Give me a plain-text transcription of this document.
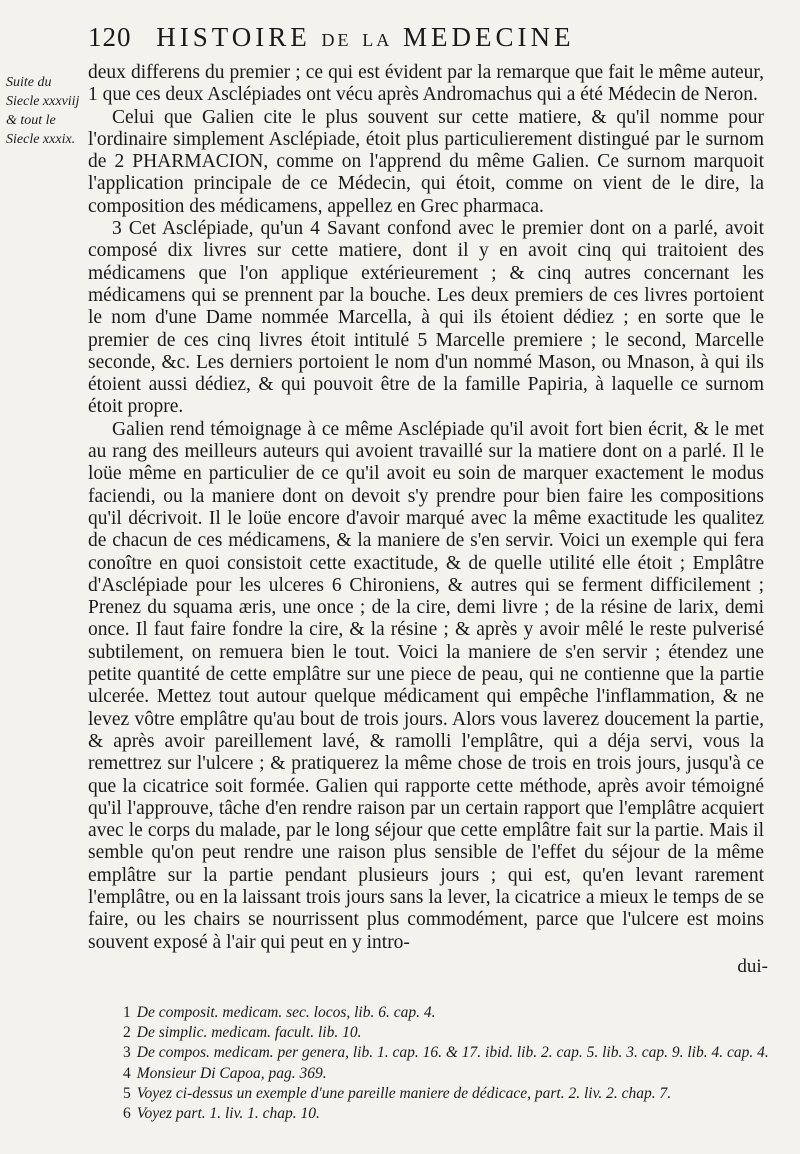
120 HISTOIRE DE LA MEDECINE
Suite du Siecle xxxviij & tout le Siecle xxxix.

deux differens du premier ; ce qui est évident par la remarque que fait le même auteur, 1 que ces deux Asclépiades ont vécu après Andromachus qui a été Médecin de Neron.

Celui que Galien cite le plus souvent sur cette matiere, & qu'il nomme pour l'ordinaire simplement Asclépiade, étoit plus particulierement distingué par le surnom de 2 PHARMACION, comme on l'apprend du même Galien. Ce surnom marquoit l'application principale de ce Médecin, qui étoit, comme on vient de le dire, la composition des médicamens, appellez en Grec pharmaca.

3 Cet Asclépiade, qu'un 4 Savant confond avec le premier dont on a parlé, avoit composé dix livres sur cette matiere, dont il y en avoit cinq qui traitoient des médicamens que l'on applique extérieurement ; & cinq autres concernant les médicamens qui se prennent par la bouche. Les deux premiers de ces livres portoient le nom d'une Dame nommée Marcella, à qui ils étoient dédiez ; en sorte que le premier de ces cinq livres étoit intitulé 5 Marcelle premiere ; le second, Marcelle seconde, &c. Les derniers portoient le nom d'un nommé Mason, ou Mnason, à qui ils étoient aussi dédiez, & qui pouvoit être de la famille Papiria, à laquelle ce surnom étoit propre.

Galien rend témoignage à ce même Asclépiade qu'il avoit fort bien écrit, & le met au rang des meilleurs auteurs qui avoient travaillé sur la matiere dont on a parlé. Il le loüe même en particulier de ce qu'il avoit eu soin de marquer exactement le modus faciendi, ou la maniere dont on devoit s'y prendre pour bien faire les compositions qu'il décrivoit. Il le loüe encore d'avoir marqué avec la même exactitude les qualitez de chacun de ces médicamens, & la maniere de s'en servir. Voici un exemple qui fera conoître en quoi consistoit cette exactitude, & de quelle utilité elle étoit ; Emplâtre d'Asclépiade pour les ulceres 6 Chironiens, & autres qui se ferment difficilement ; Prenez du squama æris, une once ; de la cire, demi livre ; de la résine de larix, demi once. Il faut faire fondre la cire, & la résine ; & après y avoir mêlé le reste pulverisé subtilement, on remuera bien le tout. Voici la maniere de s'en servir ; étendez une petite quantité de cette emplâtre sur une piece de peau, qui ne contienne que la partie ulcerée. Mettez tout autour quelque médicament qui empêche l'inflammation, & ne levez vôtre emplâtre qu'au bout de trois jours. Alors vous laverez doucement la partie, & après avoir pareillement lavé, & ramolli l'emplâtre, qui a déja servi, vous la remettrez sur l'ulcere ; & pratiquerez la même chose de trois en trois jours, jusqu'à ce que la cicatrice soit formée. Galien qui rapporte cette méthode, après avoir témoigné qu'il l'approuve, tâche d'en rendre raison par un certain rapport que l'emplâtre acquiert avec le corps du malade, par le long séjour que cette emplâtre fait sur la partie. Mais il semble qu'on peut rendre une raison plus sensible de l'effet du séjour de la même emplâtre sur la partie pendant plusieurs jours ; qui est, qu'en levant rarement l'emplâtre, ou en la laissant trois jours sans la lever, la cicatrice a mieux le temps de se faire, ou les chairs se nourrissent plus commodément, parce que l'ulcere est moins souvent exposé à l'air qui peut en y intro-

dui-
1 De composit. medicam. sec. locos, lib. 6. cap. 4.
2 De simplic. medicam. facult. lib. 10.
3 De compos. medicam. per genera, lib. 1. cap. 16. & 17. ibid. lib. 2. cap. 5. lib. 3. cap. 9. lib. 4. cap. 4.
4 Monsieur Di Capoa, pag. 369.
5 Voyez ci-dessus un exemple d'une pareille maniere de dédicace, part. 2. liv. 2. chap. 7.
6 Voyez part. 1. liv. 1. chap. 10.
